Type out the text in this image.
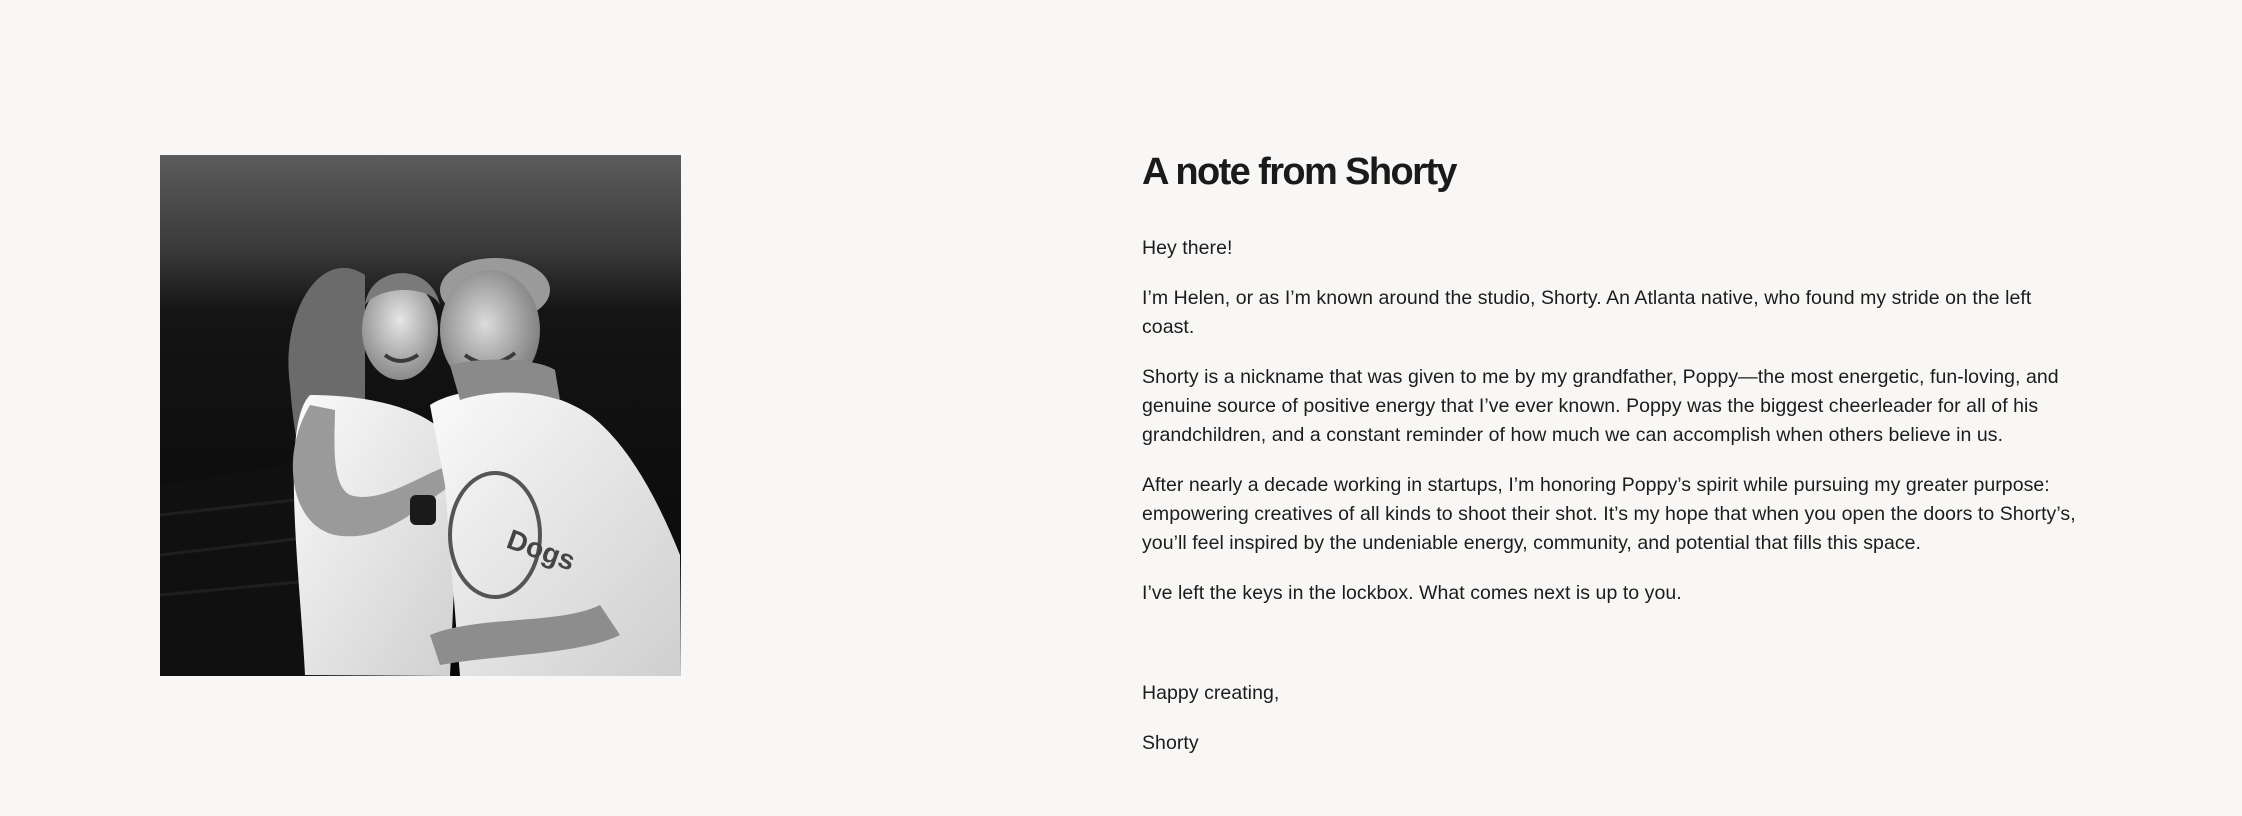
Dogs
A note from Shorty

Hey there!

I’m Helen, or as I’m known around the studio, Shorty. An Atlanta native, who found my stride on the left coast.

Shorty is a nickname that was given to me by my grandfather, Poppy—the most energetic, fun-loving, and genuine source of positive energy that I’ve ever known. Poppy was the biggest cheerleader for all of his grandchildren, and a constant reminder of how much we can accomplish when others believe in us.

After nearly a decade working in startups, I’m honoring Poppy’s spirit while pursuing my greater purpose: empowering creatives of all kinds to shoot their shot. It’s my hope that when you open the doors to Shorty’s, you’ll feel inspired by the undeniable energy, community, and potential that fills this space.

I’ve left the keys in the lockbox. What comes next is up to you.

Happy creating,

Shorty
